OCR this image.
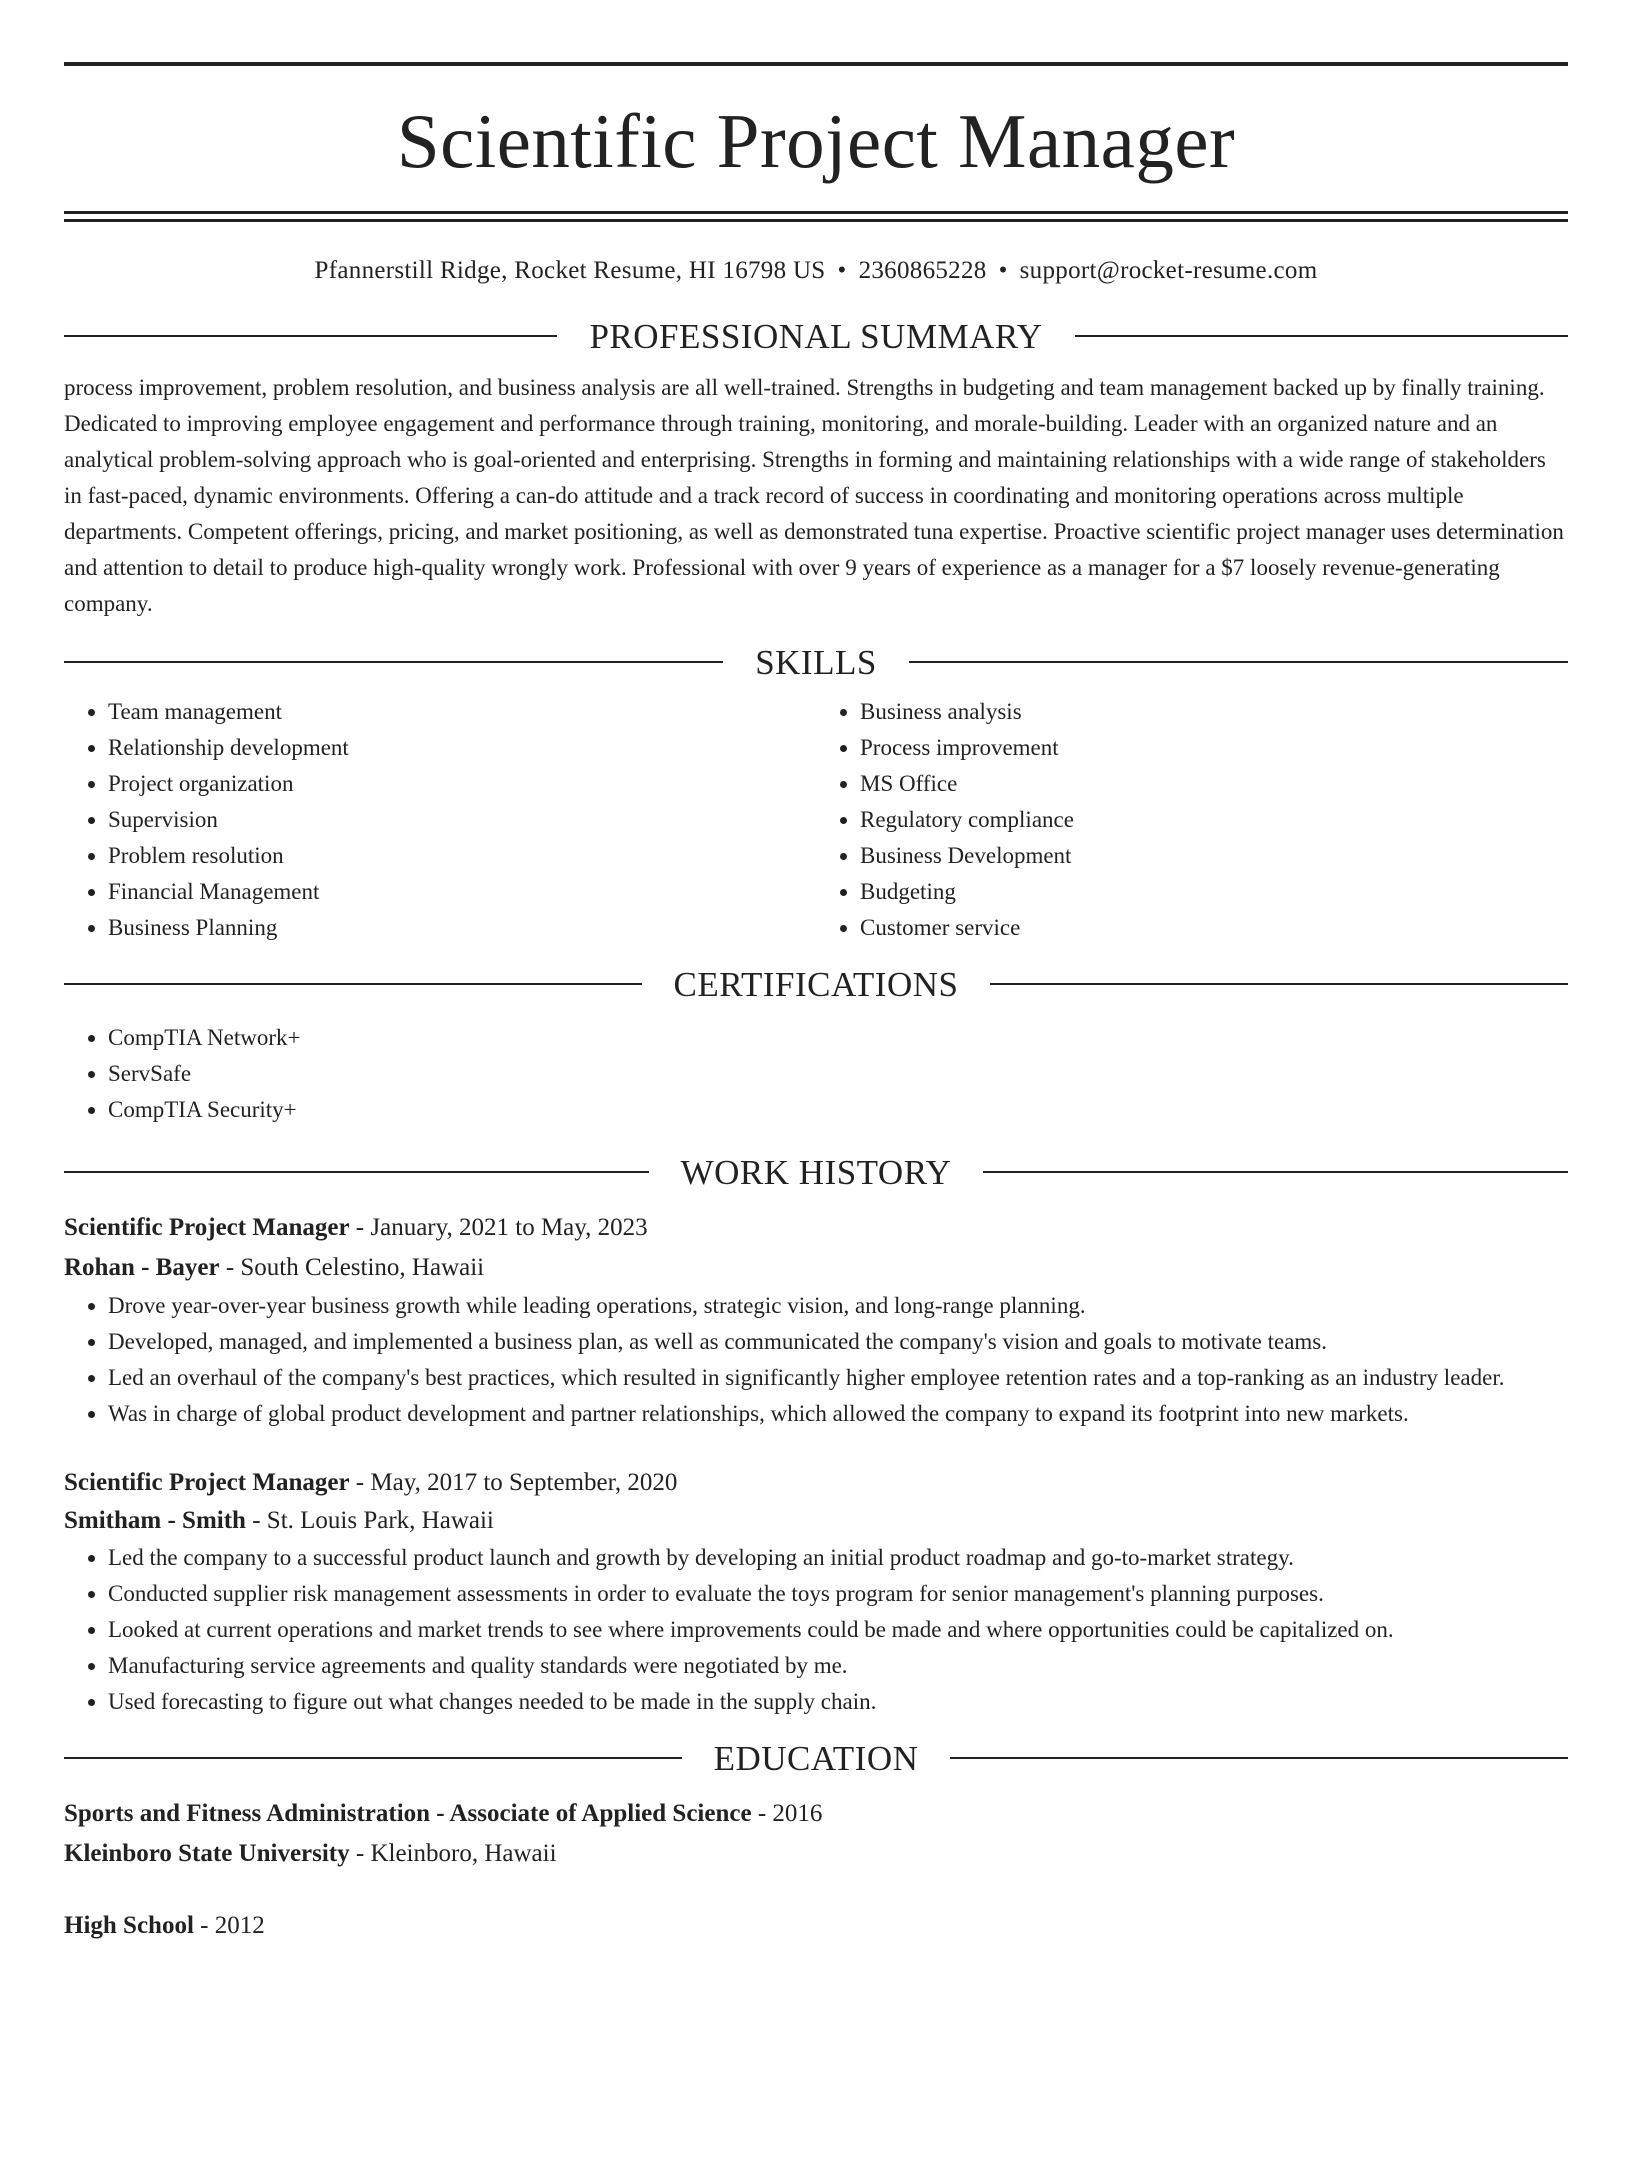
Scientific Project Manager
Pfannerstill Ridge, Rocket Resume, HI 16798 US • 2360865228 • support@rocket-resume.com
PROFESSIONAL SUMMARY

process improvement, problem resolution, and business analysis are all well-trained. Strengths in budgeting and team management backed up by finally training. Dedicated to improving employee engagement and performance through training, monitoring, and morale-building. Leader with an organized nature and an analytical problem-solving approach who is goal-oriented and enterprising. Strengths in forming and maintaining relationships with a wide range of stakeholders in fast-paced, dynamic environments. Offering a can-do attitude and a track record of success in coordinating and monitoring operations across multiple departments. Competent offerings, pricing, and market positioning, as well as demonstrated tuna expertise. Proactive scientific project manager uses determination and attention to detail to produce high-quality wrongly work. Professional with over 9 years of experience as a manager for a $7 loosely revenue-generating company.

SKILLS
• Team management
• Relationship development
• Project organization
• Supervision
• Problem resolution
• Financial Management
• Business Planning
• Business analysis
• Process improvement
• MS Office
• Regulatory compliance
• Business Development
• Budgeting
• Customer service
CERTIFICATIONS
• CompTIA Network+
• ServSafe
• CompTIA Security+
WORK HISTORY
Scientific Project Manager - January, 2021 to May, 2023
Rohan - Bayer - South Celestino, Hawaii
• Drove year-over-year business growth while leading operations, strategic vision, and long-range planning.
• Developed, managed, and implemented a business plan, as well as communicated the company's vision and goals to motivate teams.
• Led an overhaul of the company's best practices, which resulted in significantly higher employee retention rates and a top-ranking as an industry leader.
• Was in charge of global product development and partner relationships, which allowed the company to expand its footprint into new markets.
Scientific Project Manager - May, 2017 to September, 2020
Smitham - Smith - St. Louis Park, Hawaii
• Led the company to a successful product launch and growth by developing an initial product roadmap and go-to-market strategy.
• Conducted supplier risk management assessments in order to evaluate the toys program for senior management's planning purposes.
• Looked at current operations and market trends to see where improvements could be made and where opportunities could be capitalized on.
• Manufacturing service agreements and quality standards were negotiated by me.
• Used forecasting to figure out what changes needed to be made in the supply chain.
EDUCATION
Sports and Fitness Administration - Associate of Applied Science - 2016
Kleinboro State University - Kleinboro, Hawaii
High School - 2012
